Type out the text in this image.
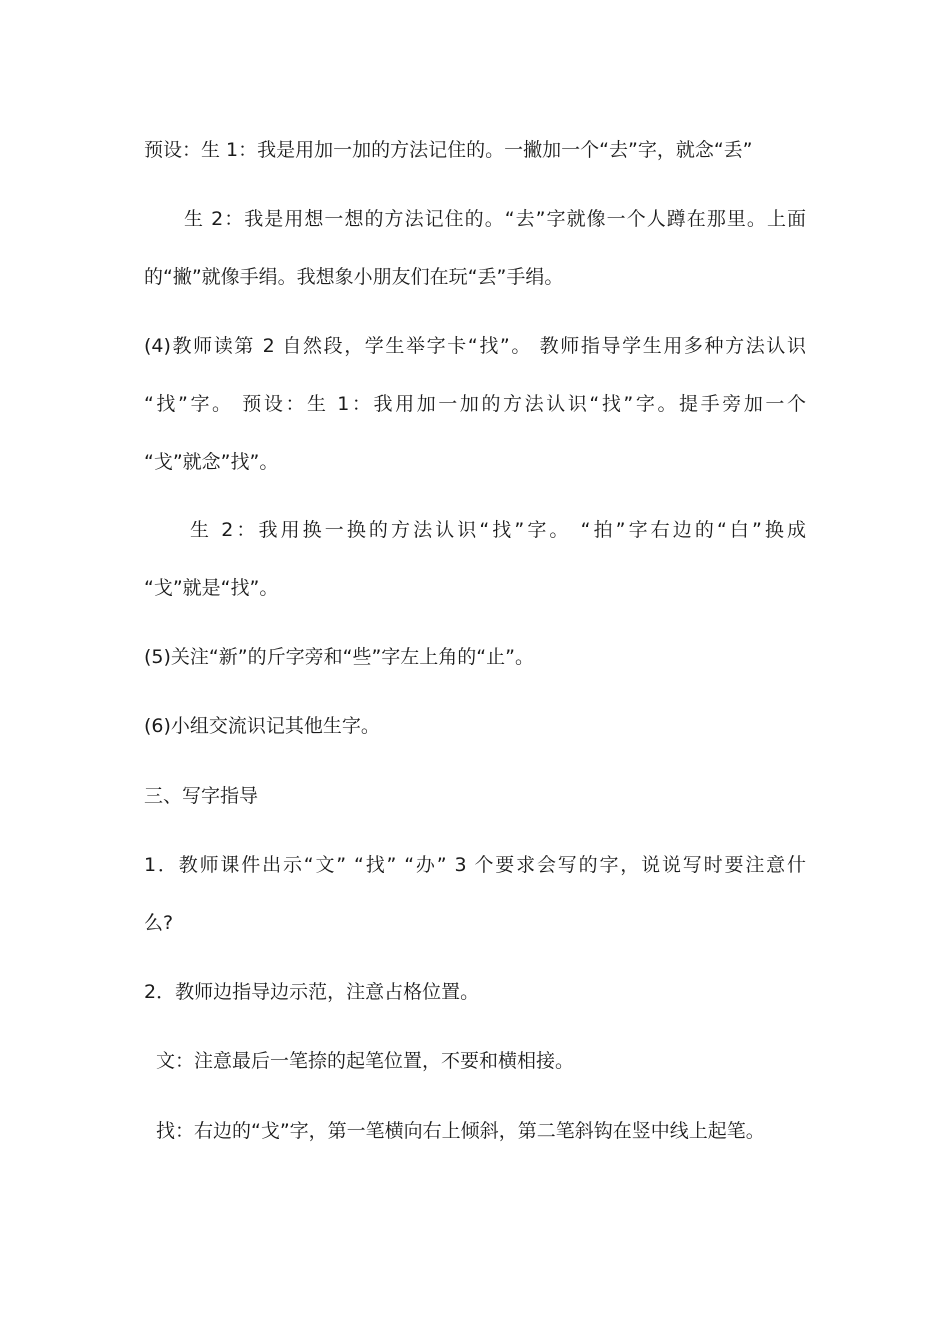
预设：生 1：我是用加一加的方法记住的。一撇加一个“去”字，就念“丢”
生 2：我是用想一想的方法记住的。“去”字就像一个人蹲在那里。上面
的“撇”就像手绢。我想象小朋友们在玩“丢”手绢。
(4)教师读第 2 自然段，学生举字卡“找”。 教师指导学生用多种方法认识
“找”字。 预设：生 1：我用加一加的方法认识“找”字。提手旁加一个
“戈”就念”找”。
生 2：我用换一换的方法认识“找”字。 “拍”字右边的“白”换成
“戈”就是“找”。
(5)关注“新”的斤字旁和“些”字左上角的“止”。
(6)小组交流识记其他生字。
三、写字指导
1．教师课件出示“文” “找” “办” 3 个要求会写的字，说说写时要注意什
么?
2．教师边指导边示范，注意占格位置。
文：注意最后一笔捺的起笔位置，不要和横相接。
找：右边的“戈”字，第一笔横向右上倾斜，第二笔斜钩在竖中线上起笔。
